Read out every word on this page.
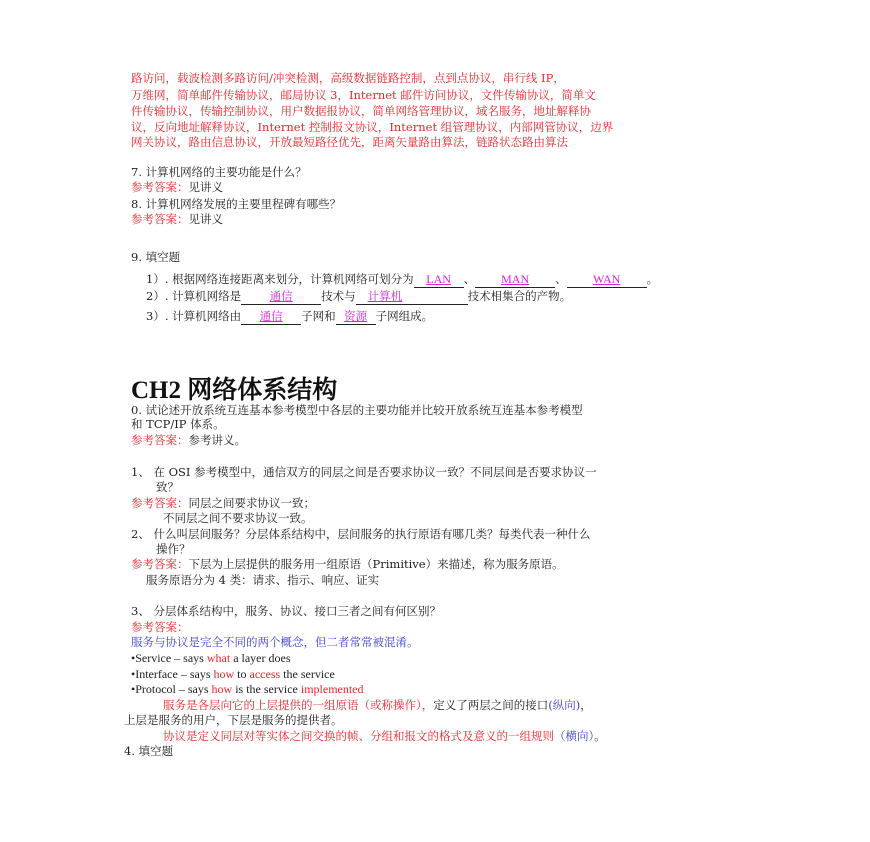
路访问，载波检测多路访问/冲突检测，高级数据链路控制，点到点协议，串行线 IP，
万维网，简单邮件传输协议，邮局协议 3，Internet 邮件访问协议，文件传输协议，简单文
件传输协议，传输控制协议，用户数据报协议，简单网络管理协议，域名服务，地址解释协
议，反向地址解释协议，Internet 控制报文协议，Internet 组管理协议，内部网管协议，边界
网关协议，路由信息协议，开放最短路径优先，距离矢量路由算法，链路状态路由算法
7. 计算机网络的主要功能是什么？
参考答案：见讲义
8. 计算机网络发展的主要里程碑有哪些？
参考答案：见讲义
9. 填空题
1）. 根据网络连接距离来划分，计算机网络可划分为 LAN 、 MAN 、 WAN 。
2）. 计算机网络是 通信 技术与 计算机	技术相集合的产物。
3）. 计算机网络由 通信 子网和 资源 子网组成。
CH2 网络体系结构
0. 试论述开放系统互连基本参考模型中各层的主要功能并比较开放系统互连基本参考模型
和 TCP/IP 体系。
参考答案：参考讲义。
1、 在 OSI 参考模型中，通信双方的同层之间是否要求协议一致？不同层间是否要求协议一
致？
参考答案：同层之间要求协议一致；
不同层之间不要求协议一致。
2、 什么叫层间服务？分层体系结构中，层间服务的执行原语有哪几类？每类代表一种什么
操作？
参考答案：下层为上层提供的服务用一组原语（Primitive）来描述，称为服务原语。
服务原语分为 4 类：请求、指示、响应、证实
3、 分层体系结构中，服务、协议、接口三者之间有何区别？
参考答案：
服务与协议是完全不同的两个概念，但二者常常被混淆。
•Service – says what a layer does
•Interface – says how to access the service
•Protocol – says how is the service implemented
服务是各层向它的上层提供的一组原语（或称操作），定义了两层之间的接口(纵向)，
上层是服务的用户，下层是服务的提供者。
协议是定义同层对等实体之间交换的帧、分组和报文的格式及意义的一组规则（横向）。
4. 填空题
